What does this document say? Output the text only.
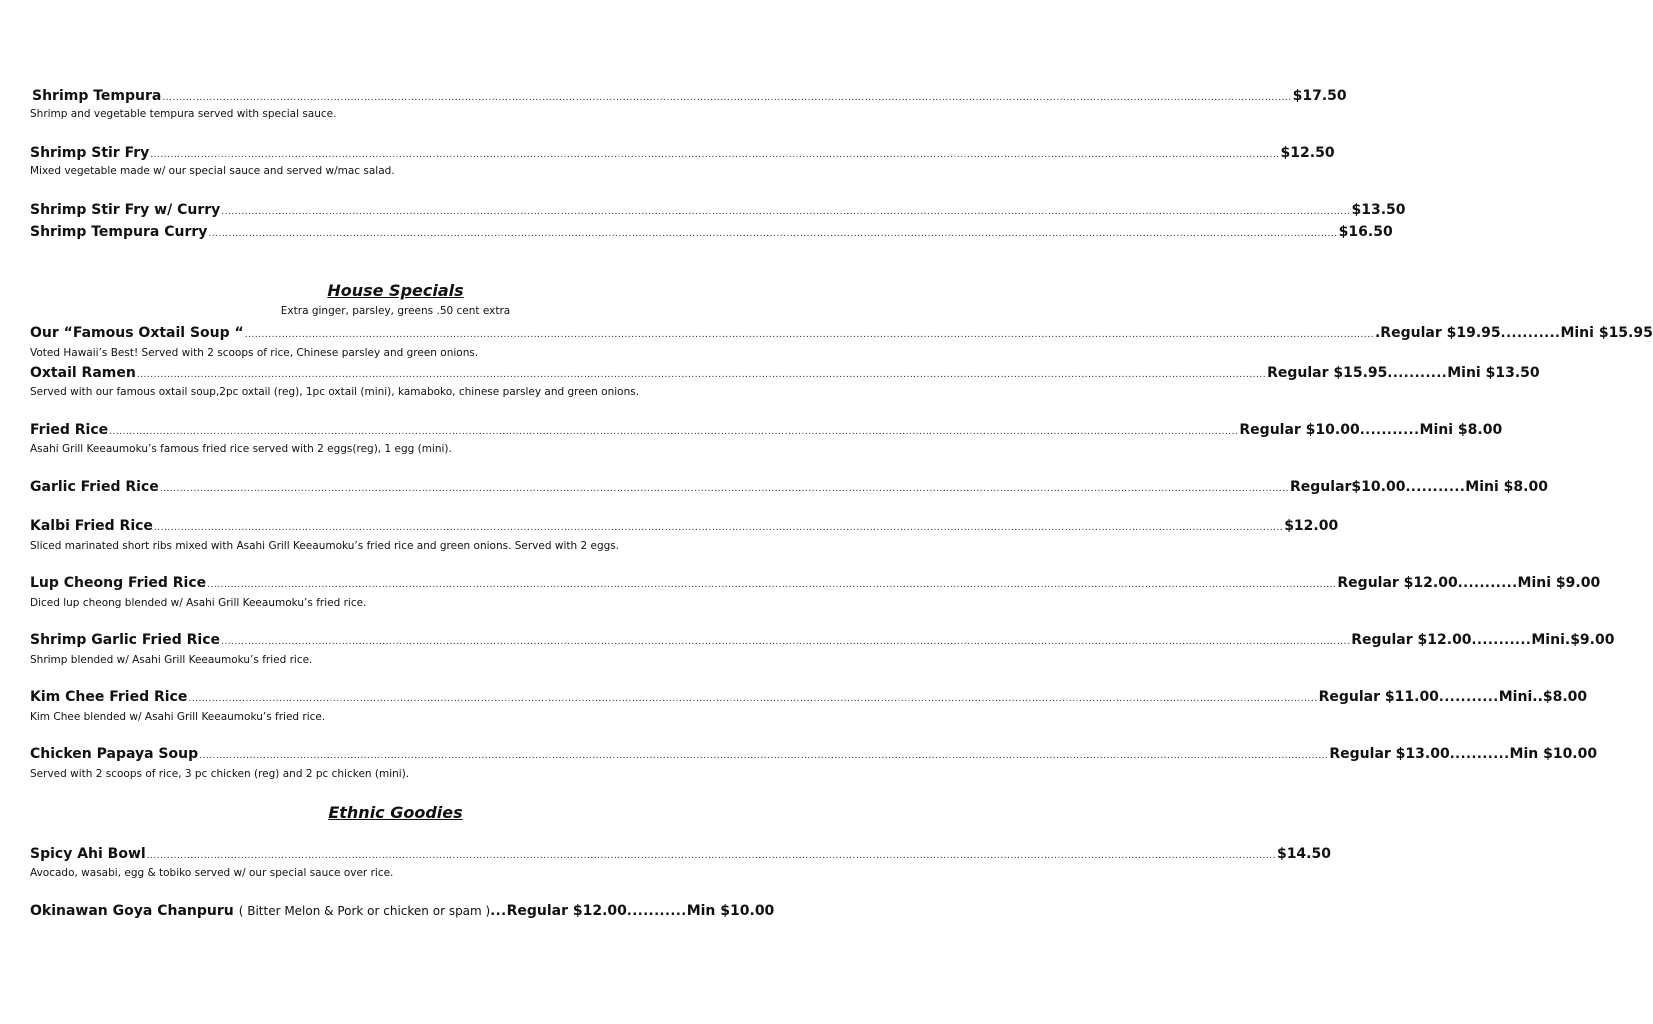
Shrimp Tempura .....	$17.50
Shrimp and vegetable tempura served with special sauce.
Shrimp Stir Fry .....	$12.50
Mixed vegetable made w/ our special sauce and served w/mac salad.
Shrimp Stir Fry w/ Curry .....	$13.50
Shrimp Tempura Curry .....	$16.50
House Specials
Extra ginger, parsley, greens .50 cent extra
Our “Famous Oxtail Soup “ .....	.Regular $19.95 ........... Mini $15.95
Voted Hawaii’s Best! Served with 2 scoops of rice, Chinese parsley and green onions.
Oxtail Ramen .....	Regular $15.95 ........... Mini $13.50
Served with our famous oxtail soup,2pc oxtail (reg), 1pc oxtail (mini), kamaboko, chinese parsley and green onions.
Fried Rice .....	Regular $10.00 ........... Mini $8.00
Asahi Grill Keeaumoku’s famous fried rice served with 2 eggs(reg), 1 egg (mini).
Garlic Fried Rice .....	Regular$10.00 ........... Mini $8.00
Kalbi Fried Rice .....	$12.00
Sliced marinated short ribs mixed with Asahi Grill Keeaumoku’s fried rice and green onions. Served with 2 eggs.
Lup Cheong Fried Rice .....	Regular $12.00 ........... Mini $9.00
Diced lup cheong blended w/ Asahi Grill Keeaumoku’s fried rice.
Shrimp Garlic Fried Rice .....	Regular $12.00 ........... Mini.$9.00
Shrimp blended w/ Asahi Grill Keeaumoku’s fried rice.
Kim Chee Fried Rice .....	Regular $11.00 ........... Mini..$8.00
Kim Chee blended w/ Asahi Grill Keeaumoku’s fried rice.
Chicken Papaya Soup .....	Regular $13.00 ........... Min $10.00
Served with 2 scoops of rice, 3 pc chicken (reg) and 2 pc chicken (mini).
Ethnic Goodies
Spicy Ahi Bowl .....	$14.50
Avocado, wasabi, egg & tobiko served w/ our special sauce over rice.
Okinawan Goya Chanpuru ( Bitter Melon & Pork or chicken or spam ) ... Regular $12.00 ........... Min $10.00
